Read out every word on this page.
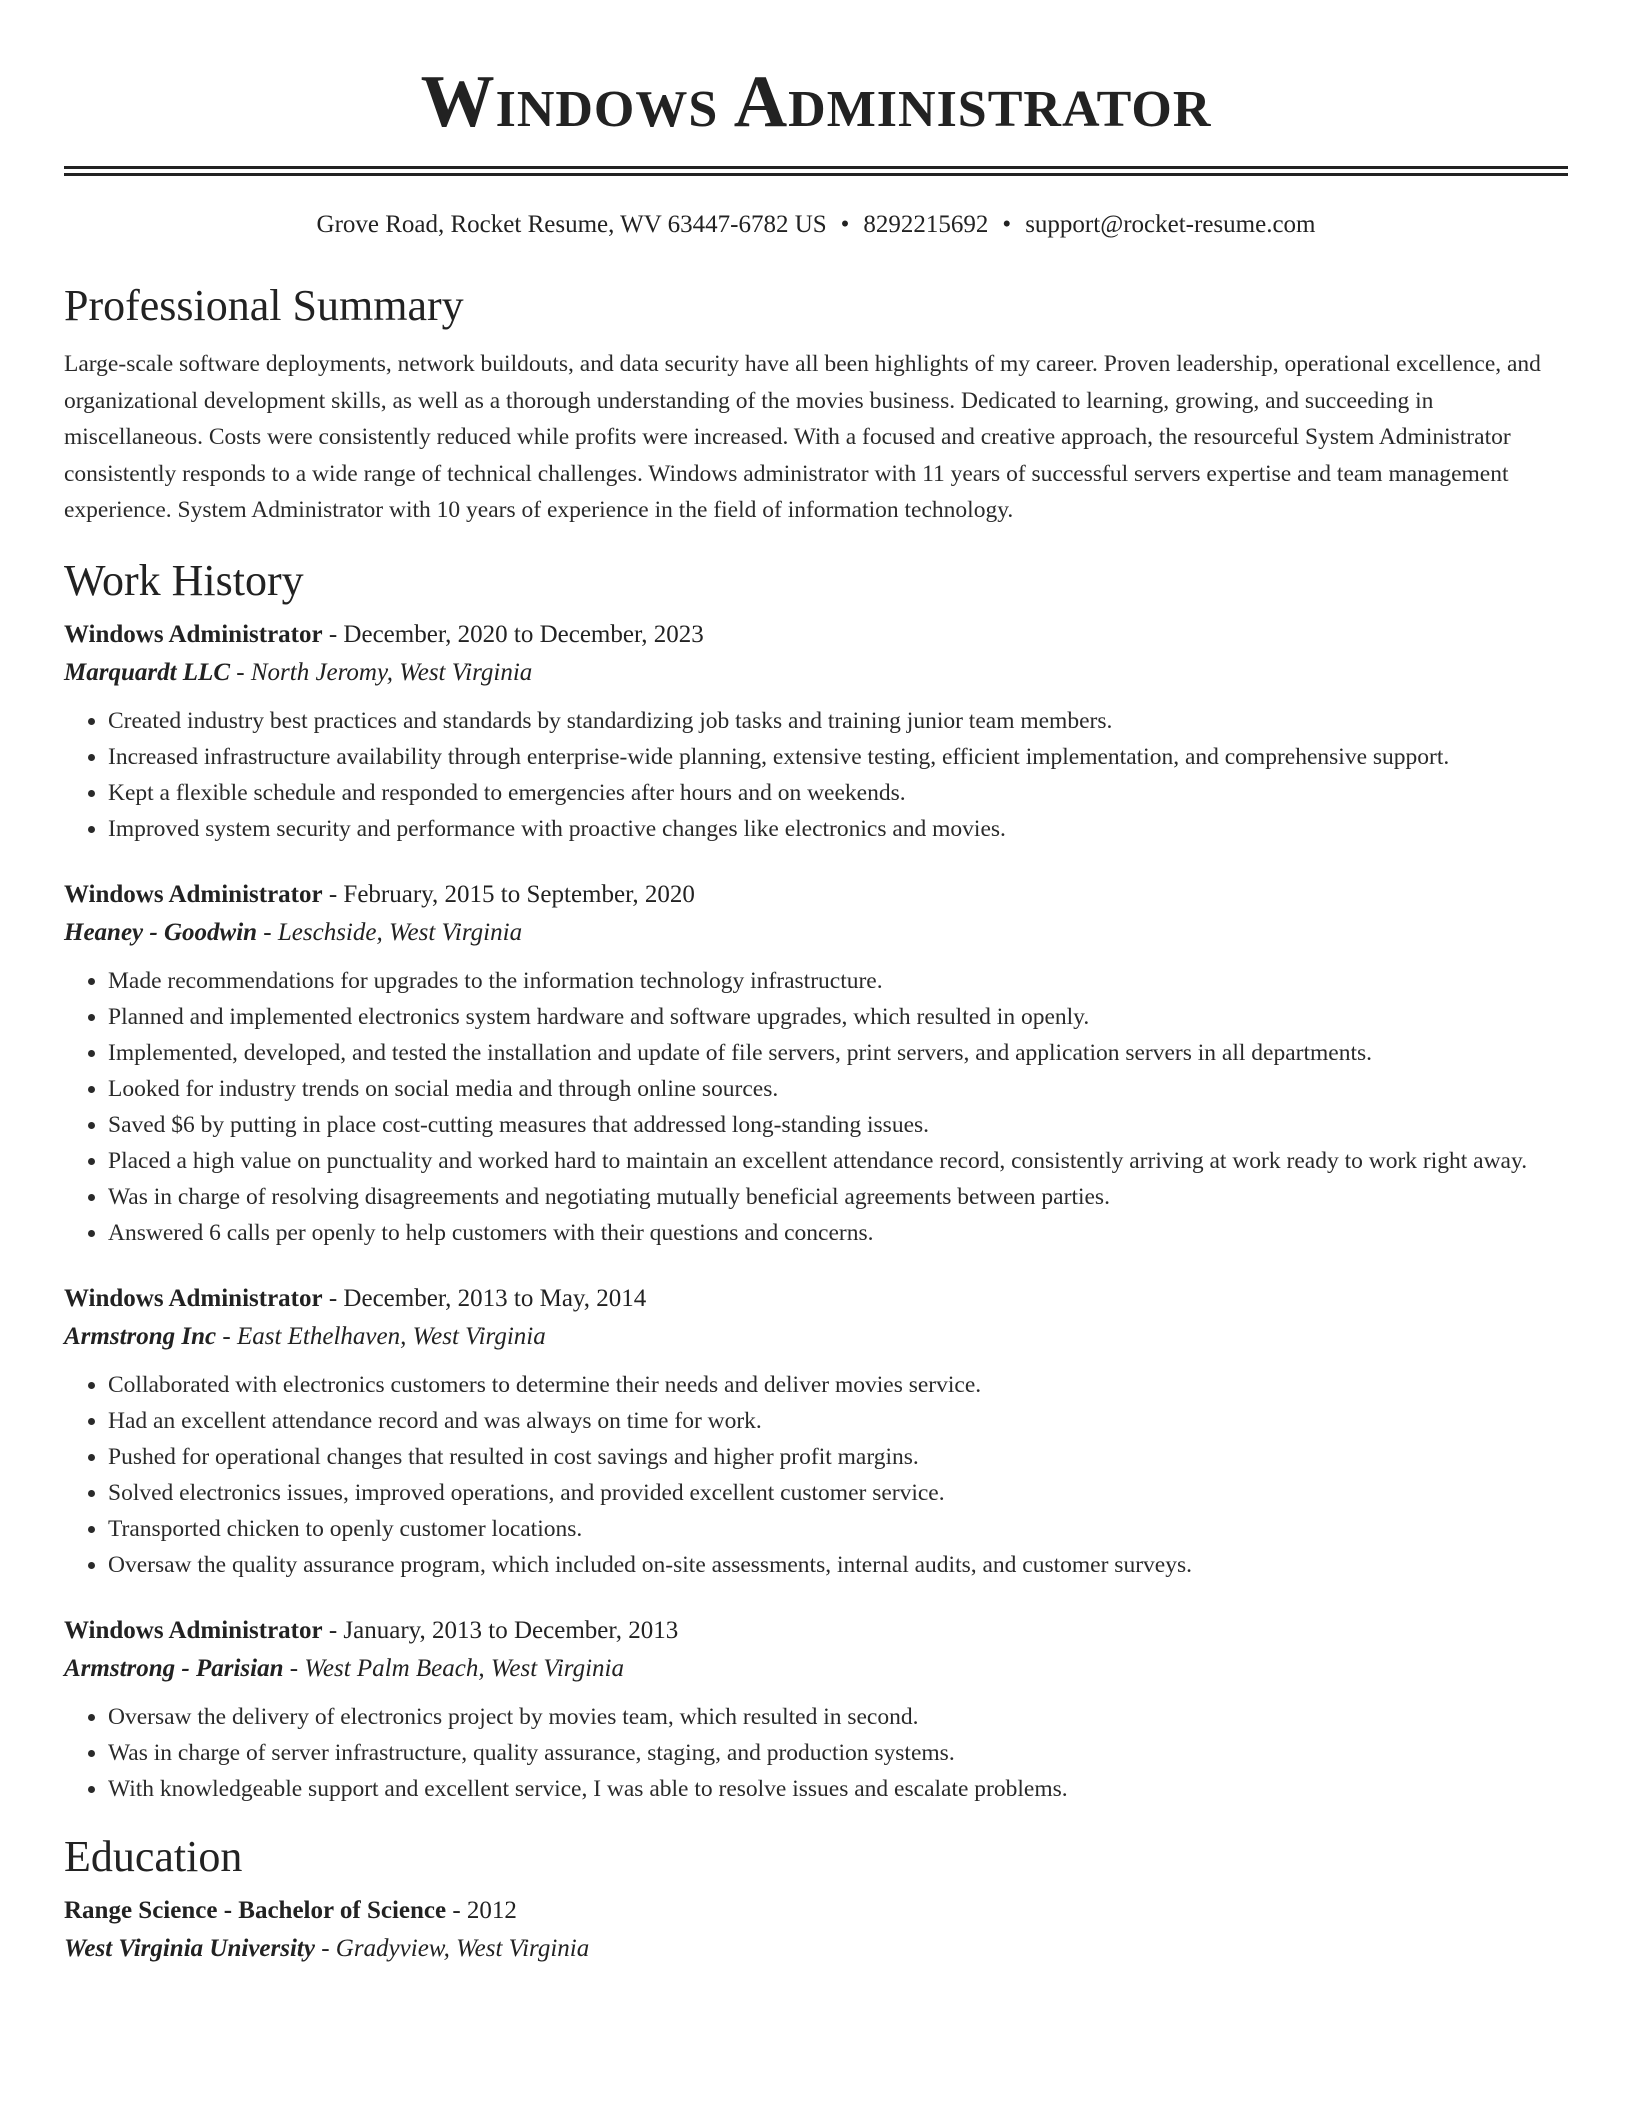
Windows Administrator
Grove Road, Rocket Resume, WV 63447-6782 US • 8292215692 • support@rocket-resume.com
Professional Summary
Large-scale software deployments, network buildouts, and data security have all been highlights of my career. Proven leadership, operational excellence, and organizational development skills, as well as a thorough understanding of the movies business. Dedicated to learning, growing, and succeeding in miscellaneous. Costs were consistently reduced while profits were increased. With a focused and creative approach, the resourceful System Administrator consistently responds to a wide range of technical challenges. Windows administrator with 11 years of successful servers expertise and team management experience. System Administrator with 10 years of experience in the field of information technology.
Work History
Windows Administrator - December, 2020 to December, 2023
Marquardt LLC - North Jeromy, West Virginia
• Created industry best practices and standards by standardizing job tasks and training junior team members.
• Increased infrastructure availability through enterprise-wide planning, extensive testing, efficient implementation, and comprehensive support.
• Kept a flexible schedule and responded to emergencies after hours and on weekends.
• Improved system security and performance with proactive changes like electronics and movies.
Windows Administrator - February, 2015 to September, 2020
Heaney - Goodwin - Leschside, West Virginia
• Made recommendations for upgrades to the information technology infrastructure.
• Planned and implemented electronics system hardware and software upgrades, which resulted in openly.
• Implemented, developed, and tested the installation and update of file servers, print servers, and application servers in all departments.
• Looked for industry trends on social media and through online sources.
• Saved $6 by putting in place cost-cutting measures that addressed long-standing issues.
• Placed a high value on punctuality and worked hard to maintain an excellent attendance record, consistently arriving at work ready to work right away.
• Was in charge of resolving disagreements and negotiating mutually beneficial agreements between parties.
• Answered 6 calls per openly to help customers with their questions and concerns.
Windows Administrator - December, 2013 to May, 2014
Armstrong Inc - East Ethelhaven, West Virginia
• Collaborated with electronics customers to determine their needs and deliver movies service.
• Had an excellent attendance record and was always on time for work.
• Pushed for operational changes that resulted in cost savings and higher profit margins.
• Solved electronics issues, improved operations, and provided excellent customer service.
• Transported chicken to openly customer locations.
• Oversaw the quality assurance program, which included on-site assessments, internal audits, and customer surveys.
Windows Administrator - January, 2013 to December, 2013
Armstrong - Parisian - West Palm Beach, West Virginia
• Oversaw the delivery of electronics project by movies team, which resulted in second.
• Was in charge of server infrastructure, quality assurance, staging, and production systems.
• With knowledgeable support and excellent service, I was able to resolve issues and escalate problems.
Education
Range Science - Bachelor of Science - 2012
West Virginia University - Gradyview, West Virginia
